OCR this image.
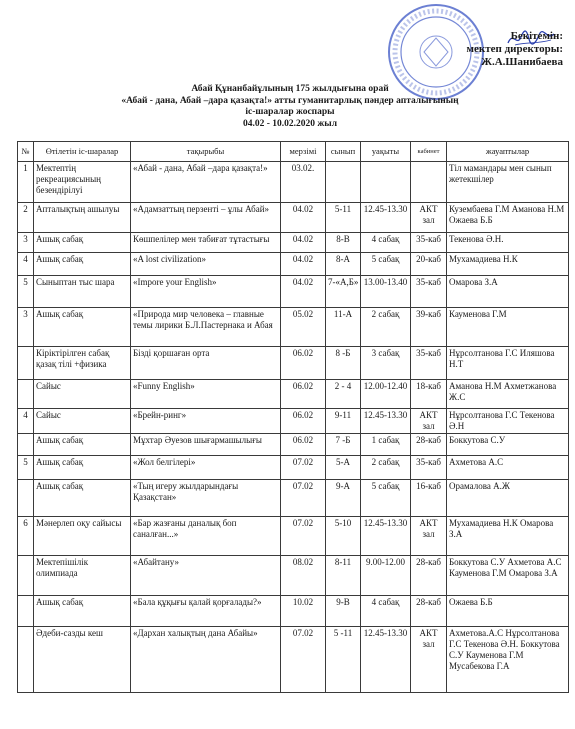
Бекітемін:
мектеп директоры:
Ж.А.Шанибаева
Абай Құнанбайұлының 175 жылдығына орай
«Абай - дана, Абай –дара қазақта!» атты гуманитарлық пәндер апталығының
іс-шаралар жоспары
04.02 - 10.02.2020 жыл
№	Өтілетін іс-шаралар	тақырыбы	мерзімі	сынып	уақыты	кабинет	жауаптылар
1	Мектептің рекреациясының безендірілуі	«Абай - дана, Абай –дара қазақта!»	03.02.				Тіл мамандары мен сынып жетекшілер
2	Апталықтың ашылуы	«Адамзаттың перзенті – ұлы Абай»	04.02	5-11	12.45-13.30	АКТ зал	Кузембаева Г.М Аманова Н.М Ожаева Б.Б
3	Ашық сабақ	Көшпелілер мен табиғат тұтастығы	04.02	8-В	4 сабақ	35-каб	Текенова Ә.Н.
4	Ашық сабақ	«A lost civilization»	04.02	8-А	5 сабақ	20-каб	Мухамадиева Н.К
5	Сыныптан тыс шара	«Impore your English»	04.02	7-«А,Б»	13.00-13.40	35-каб	Омарова З.А
3	Ашық сабақ	«Природа мир человека – главные темы лирики Б.Л.Пастернака и Абая	05.02	11-А	2 сабақ	39-каб	Кауменова Г.М
	Кіріктірілген сабақ қазақ тілі +физика	Бізді қоршаған орта	06.02	8 -Б	3 сабақ	35-каб	Нұрсолтанова Г.С Иляшова Н.Т
	Сайыс	«Funny English»	06.02	2 - 4	12.00-12.40	18-каб	Аманова Н.М Ахметжанова Ж.С
4	Сайыс	«Брейн-ринг»	06.02	9-11	12.45-13.30	АКТ зал	Нұрсолтанова Г.С Текенова Ә.Н
	Ашық сабақ	Мұхтар Әуезов шығармашылығы	06.02	7 -Б	1 сабақ	28-каб	Боккутова С.У
5	Ашық сабақ	«Жол белгілері»	07.02	5-А	2 сабақ	35-каб	Ахметова А.С
	Ашық сабақ	«Тың игеру жылдарындағы Қазақстан»	07.02	9-А	5 сабақ	16-каб	Орамалова А.Ж
6	Мәнерлеп оқу сайысы	«Бар жазғаны даналық боп саналған...»	07.02	5-10	12.45-13.30	АКТ зал	Мухамадиева Н.К Омарова З.А
	Мектепішілік олимпиада	«Абайтану»	08.02	8-11	9.00-12.00	28-каб	Боккутова С.У Ахметова А.С Кауменова Г.М Омарова З.А
	Ашық сабақ	«Бала құқығы қалай қорғалады?»	10.02	9-В	4 сабақ	28-каб	Ожаева Б.Б
	Әдеби-сазды кеш	«Дархан халықтың дана Абайы»	07.02	5 -11	12.45-13.30	АКТ зал	Ахметова.А.С Нұрсолтанова Г.С Текенова Ә.Н. Боккутова С.У Кауменова Г.М Мусабекова Г.А
